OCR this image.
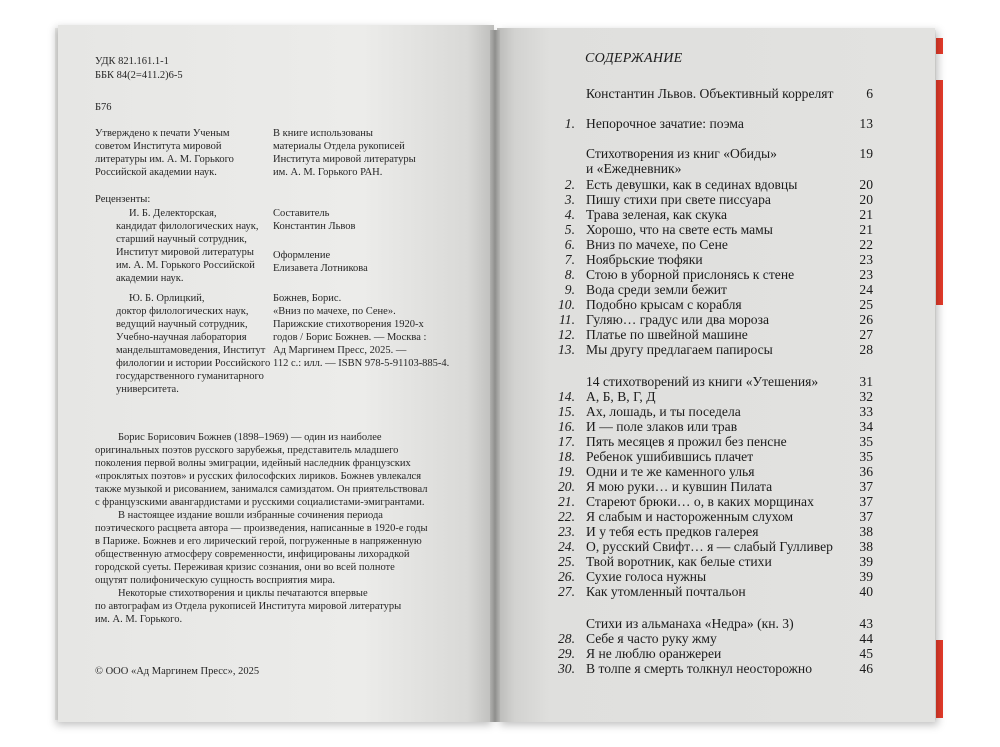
УДК 821.161.1-1
ББК 84(2=411.2)6-5
Б76
Утверждено к печати Ученым
советом Института мировой
литературы им. А. М. Горького
Российской академии наук.
В книге использованы
материалы Отдела рукописей
Института мировой литературы
им. А. М. Горького РАН.
Рецензенты:
И. Б. Делекторская,
кандидат филологических наук,
старший научный сотрудник,
Институт мировой литературы
им. А. М. Горького Российской
академии наук.
Ю. Б. Орлицкий,
доктор филологических наук,
ведущий научный сотрудник,
Учебно-научная лаборатория
мандельштамоведения, Институт
филологии и истории Российского
государственного гуманитарного
университета.
Составитель
Константин Львов
Оформление
Елизавета Лотникова
Божнев, Борис.
«Вниз по мачехе, по Сене».
Парижские стихотворения 1920-х
годов / Борис Божнев. — Москва :
Ад Маргинем Пресс, 2025. —
112 с.: илл. — ISBN 978-5-91103-885-4.
Борис Борисович Божнев (1898–1969) — один из наиболее
оригинальных поэтов русского зарубежья, представитель младшего
поколения первой волны эмиграции, идейный наследник французских
«проклятых поэтов» и русских философских лириков. Божнев увлекался
также музыкой и рисованием, занимался самиздатом. Он приятельствовал
с французскими авангардистами и русскими социалистами-эмигрантами.
В настоящее издание вошли избранные сочинения периода
поэтического расцвета автора — произведения, написанные в 1920-е годы
в Париже. Божнев и его лирический герой, погруженные в напряженную
общественную атмосферу современности, инфицированы лихорадкой
городской суеты. Переживая кризис сознания, они во всей полноте
ощутят полифоническую сущность восприятия мира.
Некоторые стихотворения и циклы печатаются впервые
по автографам из Отдела рукописей Института мировой литературы
им. А. М. Горького.
© ООО «Ад Маргинем Пресс», 2025
СОДЕРЖАНИЕ
Константин Львов. Объективный коррелят	6
1. Непорочное зачатие: поэма	13
Стихотворения из книг «Обиды»	19
и «Ежедневник»
2. Есть девушки, как в сединах вдовцы	20
3. Пишу стихи при свете писсуара	20
4. Трава зеленая, как скука	21
5. Хорошо, что на свете есть мамы	21
6. Вниз по мачехе, по Сене	22
7. Ноябрьские тюфяки	23
8. Стою в уборной прислонясь к стене	23
9. Вода среди земли бежит	24
10. Подобно крысам с корабля	25
11. Гуляю… градус или два мороза	26
12. Платье по швейной машине	27
13. Мы другу предлагаем папиросы	28
14 стихотворений из книги «Утешения»	31
14. А, Б, В, Г, Д	32
15. Ах, лошадь, и ты поседела	33
16. И — поле злаков или трав	34
17. Пять месяцев я прожил без пенсне	35
18. Ребенок ушибившись плачет	35
19. Одни и те же каменного улья	36
20. Я мою руки… и кувшин Пилата	37
21. Стареют брюки… о, в каких морщинах	37
22. Я слабым и настороженным слухом	37
23. И у тебя есть предков галерея	38
24. О, русский Свифт… я — слабый Гулливер	38
25. Твой воротник, как белые стихи	39
26. Сухие голоса нужны	39
27. Как утомленный почтальон	40
Стихи из альманаха «Недра» (кн. 3)	43
28. Себе я часто руку жму	44
29. Я не люблю оранжереи	45
30. В толпе я смерть толкнул неосторожно	46
